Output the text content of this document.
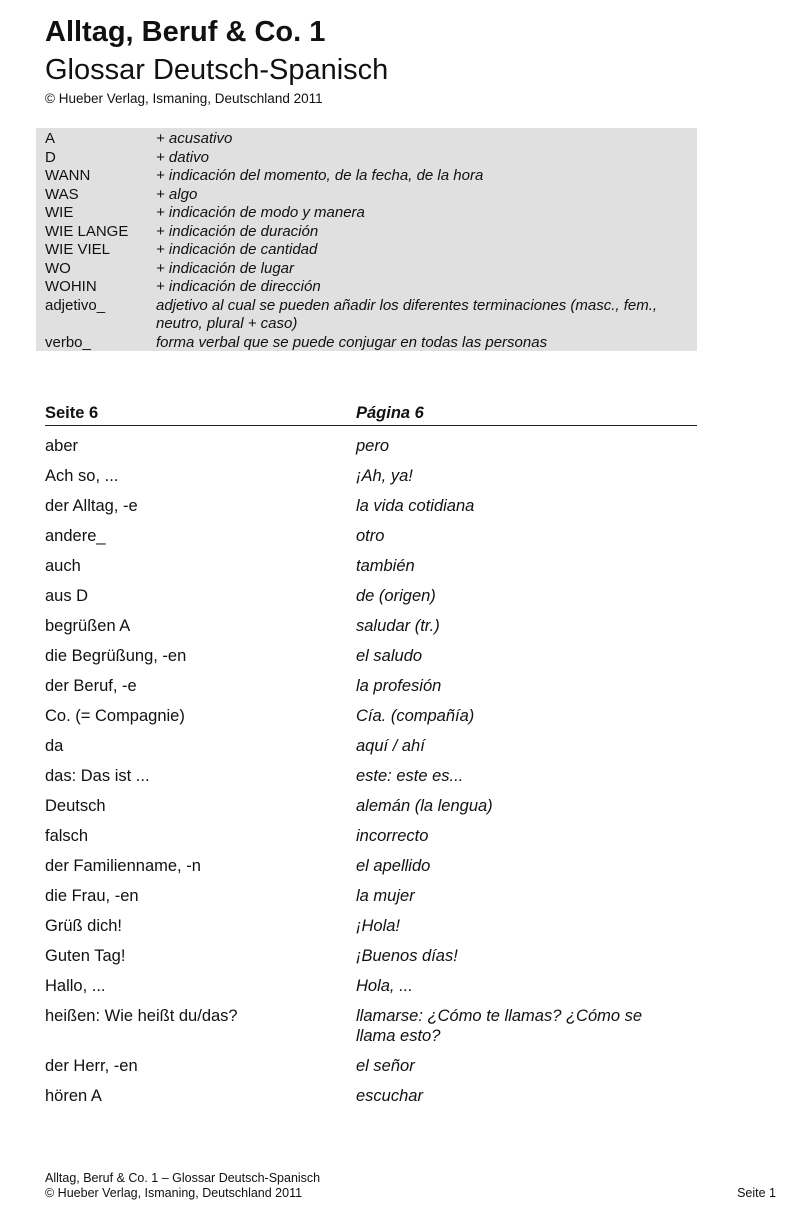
Alltag, Beruf & Co. 1
Glossar Deutsch-Spanisch
© Hueber Verlag, Ismaning, Deutschland 2011
A	+ acusativo
D	+ dativo
WANN	+ indicación del momento, de la fecha, de la hora
WAS	+ algo
WIE	+ indicación de modo y manera
WIE LANGE	+ indicación de duración
WIE VIEL	+ indicación de cantidad
WO	+ indicación de lugar
WOHIN	+ indicación de dirección
adjetivo_	adjetivo al cual se pueden añadir los diferentes terminaciones (masc., fem., neutro, plural + caso)
verbo_	forma verbal que se puede conjugar en todas las personas
Seite 6	Página 6
aber	pero
Ach so, ...	¡Ah, ya!
der Alltag, -e	la vida cotidiana
andere_	otro
auch	también
aus D	de (origen)
begrüßen A	saludar (tr.)
die Begrüßung, -en	el saludo
der Beruf, -e	la profesión
Co. (= Compagnie)	Cía. (compañía)
da	aquí / ahí
das: Das ist ...	este: este es...
Deutsch	alemán (la lengua)
falsch	incorrecto
der Familienname, -n	el apellido
die Frau, -en	la mujer
Grüß dich!	¡Hola!
Guten Tag!	¡Buenos días!
Hallo, ...	Hola, ...
heißen: Wie heißt du/das?	llamarse: ¿Cómo te llamas? ¿Cómo se llama esto?
der Herr, -en	el señor
hören A	escuchar
Alltag, Beruf & Co. 1 – Glossar Deutsch-Spanisch
© Hueber Verlag, Ismaning, Deutschland 2011	Seite 1
